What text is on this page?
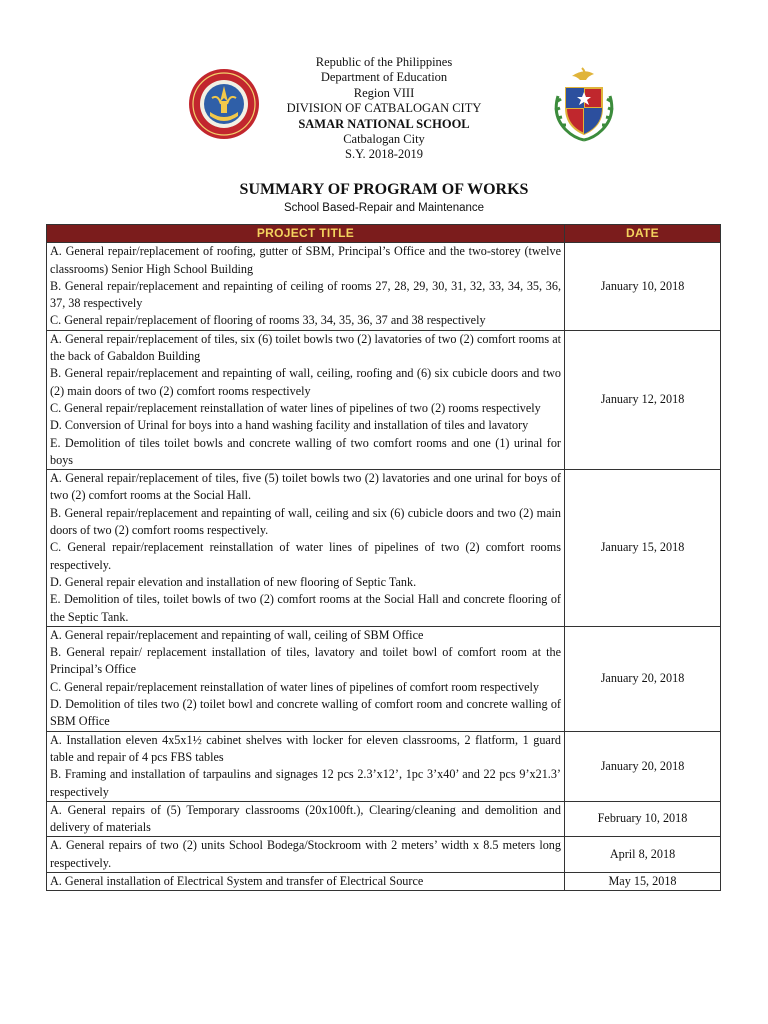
Republic of the Philippines
Department of Education
Region VIII
DIVISION OF CATBALOGAN CITY
SAMAR NATIONAL SCHOOL
Catbalogan City
S.Y. 2018-2019
SUMMARY OF PROGRAM OF WORKS
School Based-Repair and Maintenance
PROJECT TITLE	DATE

A. General repair/replacement of roofing, gutter of SBM, Principal’s Office and the two-storey (twelve classrooms) Senior High School Building
B. General repair/replacement and repainting of ceiling of rooms 27, 28, 29, 30, 31, 32, 33, 34, 35, 36, 37, 38 respectively
C. General repair/replacement of flooring of rooms 33, 34, 35, 36, 37 and 38 respectively	January 10, 2018

A. General repair/replacement of tiles, six (6) toilet bowls two (2) lavatories of two (2) comfort rooms at the back of Gabaldon Building
B. General repair/replacement and repainting of wall, ceiling, roofing and (6) six cubicle doors and two (2) main doors of two (2) comfort rooms respectively
C. General repair/replacement reinstallation of water lines of pipelines of two (2) rooms respectively
D. Conversion of Urinal for boys into a hand washing facility and installation of tiles and lavatory
E. Demolition of tiles toilet bowls and concrete walling of two comfort rooms and one (1) urinal for boys	January 12, 2018

A. General repair/replacement of tiles, five (5) toilet bowls two (2) lavatories and one urinal for boys of two (2) comfort rooms at the Social Hall.
B. General repair/replacement and repainting of wall, ceiling and six (6) cubicle doors and two (2) main doors of two (2) comfort rooms respectively.
C. General repair/replacement reinstallation of water lines of pipelines of two (2) comfort rooms respectively.
D. General repair elevation and installation of new flooring of Septic Tank.
E. Demolition of tiles, toilet bowls of two (2) comfort rooms at the Social Hall and concrete flooring of the Septic Tank.	January 15, 2018

A. General repair/replacement and repainting of wall, ceiling of SBM Office
B. General repair/ replacement installation of tiles, lavatory and toilet bowl of comfort room at the Principal’s Office
C. General repair/replacement reinstallation of water lines of pipelines of comfort room respectively
D. Demolition of tiles two (2) toilet bowl and concrete walling of comfort room and concrete walling of SBM Office	January 20, 2018

A. Installation eleven 4x5x1½ cabinet shelves with locker for eleven classrooms, 2 flatform, 1 guard table and repair of 4 pcs FBS tables
B. Framing and installation of tarpaulins and signages 12 pcs 2.3’x12’, 1pc 3’x40’ and 22 pcs 9’x21.3’ respectively	January 20, 2018

A. General repairs of (5) Temporary classrooms (20x100ft.), Clearing/cleaning and demolition and delivery of materials	February 10, 2018

A. General repairs of two (2) units School Bodega/Stockroom with 2 meters’ width x 8.5 meters long respectively.	April 8, 2018

A. General installation of Electrical System and transfer of Electrical Source	May 15, 2018
